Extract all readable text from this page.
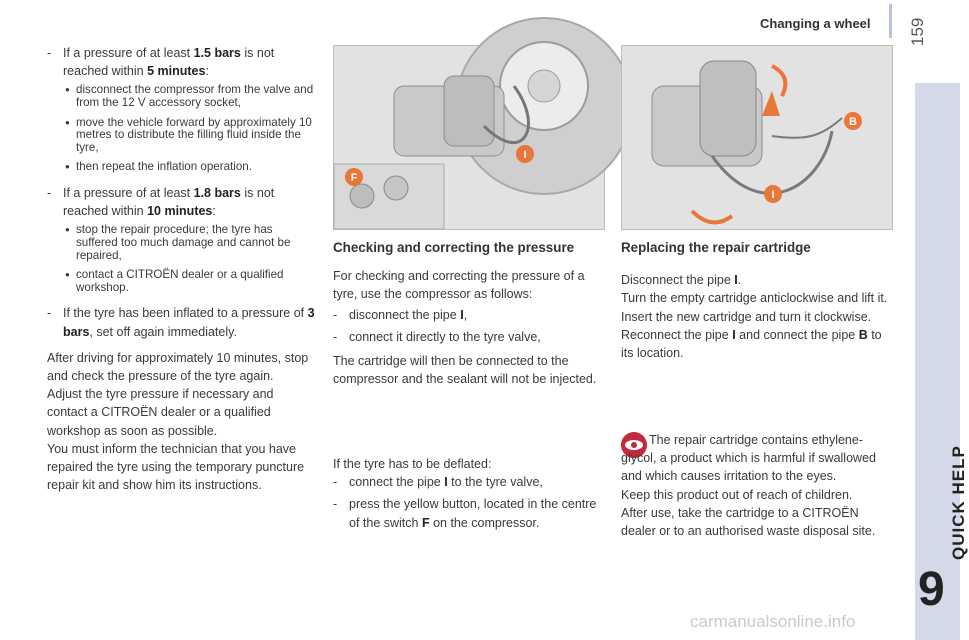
Changing a wheel 159
QUICK HELP
9
- If a pressure of at least 1.5 bars is not reached within 5 minutes:

● disconnect the compressor from the valve and from the 12 V accessory socket,
● move the vehicle forward by approximately 10 metres to distribute the filling fluid inside the tyre,
● then repeat the inflation operation.
- If a pressure of at least 1.8 bars is not reached within 10 minutes:

● stop the repair procedure; the tyre has suffered too much damage and cannot be repaired,
● contact a CITROËN dealer or a qualified workshop.
- If the tyre has been inflated to a pressure of 3 bars, set off again immediately.

After driving for approximately 10 minutes, stop and check the pressure of the tyre again.

Adjust the tyre pressure if necessary and contact a CITROËN dealer or a qualified workshop as soon as possible.

You must inform the technician that you have repaired the tyre using the temporary puncture repair kit and show him its instructions.

I
F
B
I
Checking and correcting the pressure

For checking and correcting the pressure of a tyre, use the compressor as follows:

- disconnect the pipe I,

- connect it directly to the tyre valve,

The cartridge will then be connected to the compressor and the sealant will not be injected.

If the tyre has to be deflated:

- connect the pipe I to the tyre valve,

- press the yellow button, located in the centre of the switch F on the compressor.

Replacing the repair cartridge

Disconnect the pipe I.

Turn the empty cartridge anticlockwise and lift it.

Insert the new cartridge and turn it clockwise.

Reconnect the pipe I and connect the pipe B to its location.

The repair cartridge contains ethylene-glycol, a product which is harmful if swallowed and which causes irritation to the eyes.

Keep this product out of reach of children.

After use, take the cartridge to a CITROËN dealer or to an authorised waste disposal site.

carmanualsonline.info
